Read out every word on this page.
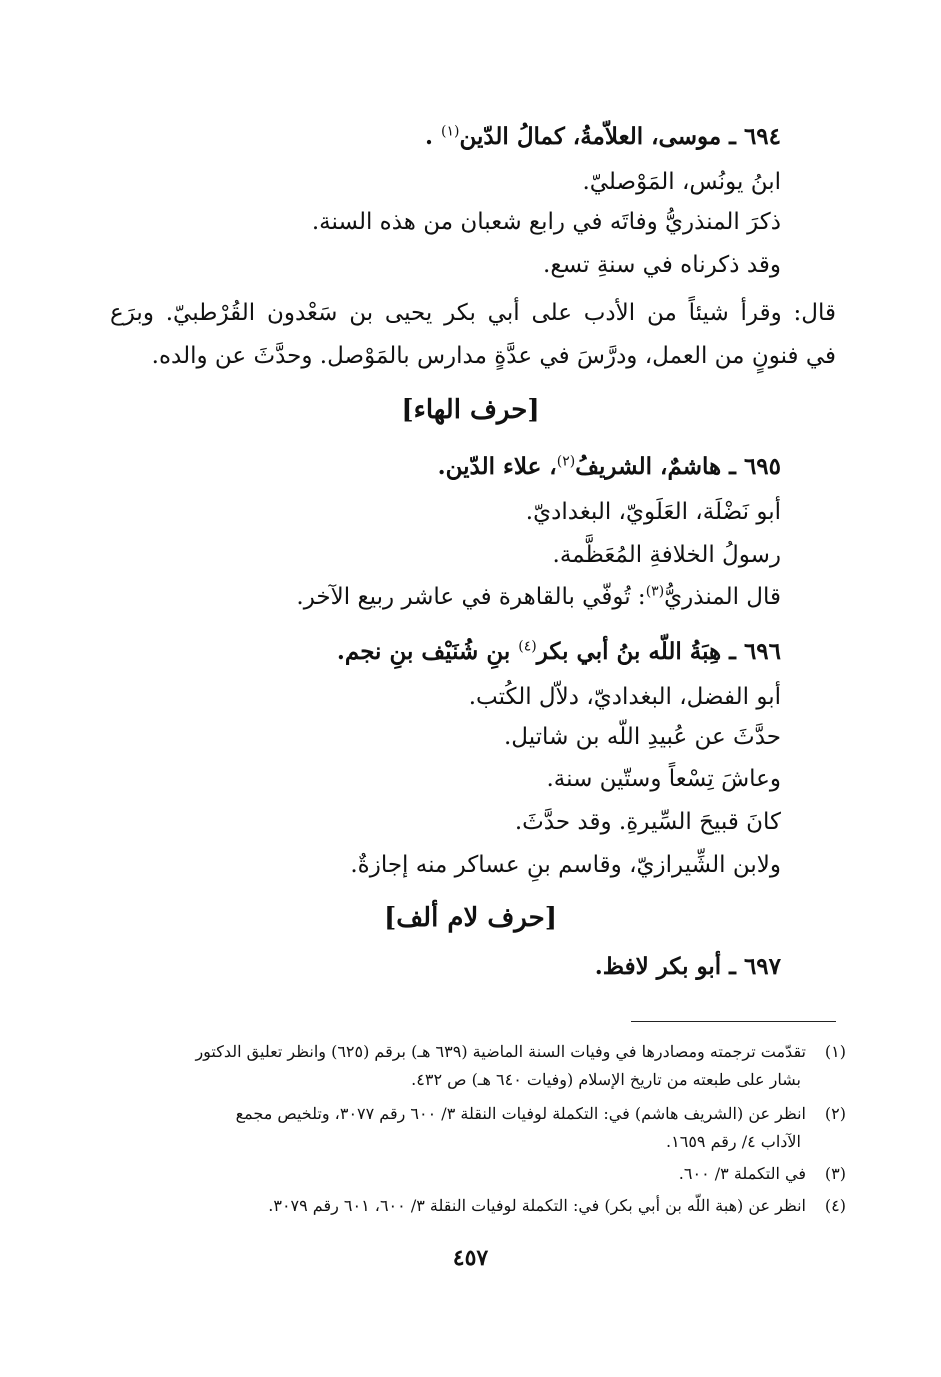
٦٩٤ ـ موسى، العلاّمةُ، كمالُ الدّين$^{(١)}$ .
ابنُ يونُس، المَوْصليّ.
ذكرَ المنذريُّ وفاتَه في رابع شعبان من هذه السنة.
وقد ذكرناه في سنةِ تسع.
قال: وقرأ شيئاً من الأدب على أبي بكر يحيى بن سَعْدون القُرْطبيّ. وبرَع
في فنونٍ من العمل، ودرَّسَ في عدَّةٍ مدارس بالمَوْصل. وحدَّثَ عن والده.
[حرف الهاء]
٦٩٥ ـ هاشمٌ، الشريفُ$^{(٢)}$، علاء الدّين.
أبو نَضْلَة، العَلَويّ، البغداديّ.
رسولُ الخلافةِ المُعَظَّمة.
قال المنذريُّ$^{(٣)}$: تُوفّي بالقاهرة في عاشر ربيع الآخر.
٦٩٦ ـ هِبَةُ اللّه بنُ أبي بكر$^{(٤)}$ بنِ شُنَيْف بنِ نجم.
أبو الفضل، البغداديّ، دلاّل الكُتب.
حدَّثَ عن عُبيدِ اللّه بن شاتيل.
وعاشَ تِسْعاً وستّين سنة.
كانَ قبيحَ السِّيرةِ. وقد حدَّثَ.
ولابن الشِّيرازيّ، وقاسم بنِ عساكر منه إجازةٌ.
[حرف لام ألف]
٦٩٧ ـ أبو بكر لافظ.
(١)تقدّمت ترجمته ومصادرها في وفيات السنة الماضية (٦٣٩ هـ) برقم (٦٢٥) وانظر تعليق الدكتور
بشار على طبعته من تاريخ الإسلام (وفيات ٦٤٠ هـ) ص ٤٣٢.
(٢)انظر عن (الشريف هاشم) في: التكملة لوفيات النقلة ٣/ ٦٠٠ رقم ٣٠٧٧، وتلخيص مجمع
الآداب ٤/ رقم ١٦٥٩.
(٣)في التكملة ٣/ ٦٠٠.
(٤)انظر عن (هبة اللّه بن أبي بكر) في: التكملة لوفيات النقلة ٣/ ٦٠٠، ٦٠١ رقم ٣٠٧٩.
٤٥٧
